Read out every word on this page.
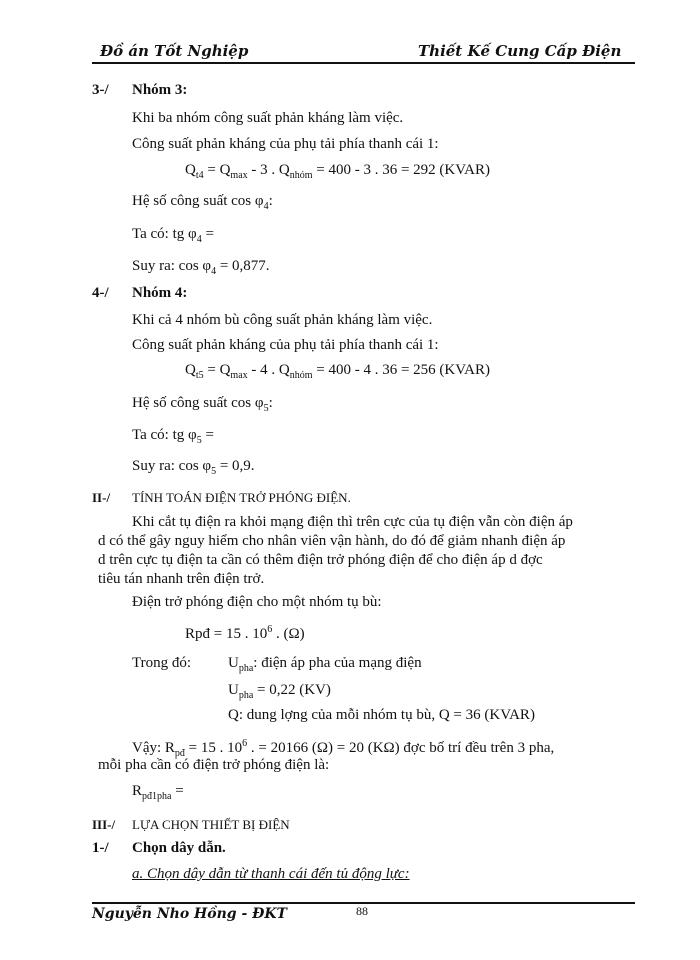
Đồ án Tốt Nghiệp	Thiết Kế Cung Cấp Điện
3-/ Nhóm 3:
Khi ba nhóm công suất phản kháng làm việc.
Công suất phản kháng của phụ tải phía thanh cái 1:
$Q_{t4} = Q_{max} - 3$ . $Q_{nhóm} = 400 - 3$ . 36 = 292 (KVAR)
Hệ số công suất $\cos \varphi_4$:
Ta có: tg $\varphi_4$ =
Suy ra: $\cos \varphi_4 = 0,877$.
4-/ Nhóm 4:
Khi cả 4 nhóm bù công suất phản kháng làm việc.
Công suất phản kháng của phụ tải phía thanh cái 1:
$Q_{t5} = Q_{max} - 4$ . $Q_{nhóm} = 400 - 4$ . 36 = 256 (KVAR)
Hệ số công suất $\cos \varphi_5$:
Ta có: tg $\varphi_5$ =
Suy ra: $\cos \varphi_5 = 0,9$.
II-/ TÍNH TOÁN ĐIỆN TRỞ PHÓNG ĐIỆN.
Khi cắt tụ điện ra khỏi mạng điện thì trên cực của tụ điện vẫn còn điện áp
d có thể gây nguy hiểm cho nhân viên vận hành, do đó để giảm nhanh điện áp
d trên cực tụ điện ta cần có thêm điện trở phóng điện để cho điện áp d đợc
tiêu tán nhanh trên điện trở.
Điện trở phóng điện cho một nhóm tụ bù:
Rpđ = 15 . $10^6$ . (Ω)
Trong đó: $U_{pha}$: điện áp pha của mạng điện
$U_{pha} = 0,22$ (KV)
Q: dung lợng của mỗi nhóm tụ bù, Q = 36 (KVAR)
Vậy: $R_{pđ} = 15$ . $10^6$ . = 20166 (Ω) = 20 (KΩ) đợc bố trí đều trên 3 pha,
mỗi pha cần có điện trở phóng điện là:
$R_{pđ1pha}$ =
III-/ LỰA CHỌN THIẾT BỊ ĐIỆN
1-/ Chọn dây dẫn.
a. Chọn dây dẫn từ thanh cái đến tủ động lực:
Nguyễn Nho Hồng - ĐKT	88
